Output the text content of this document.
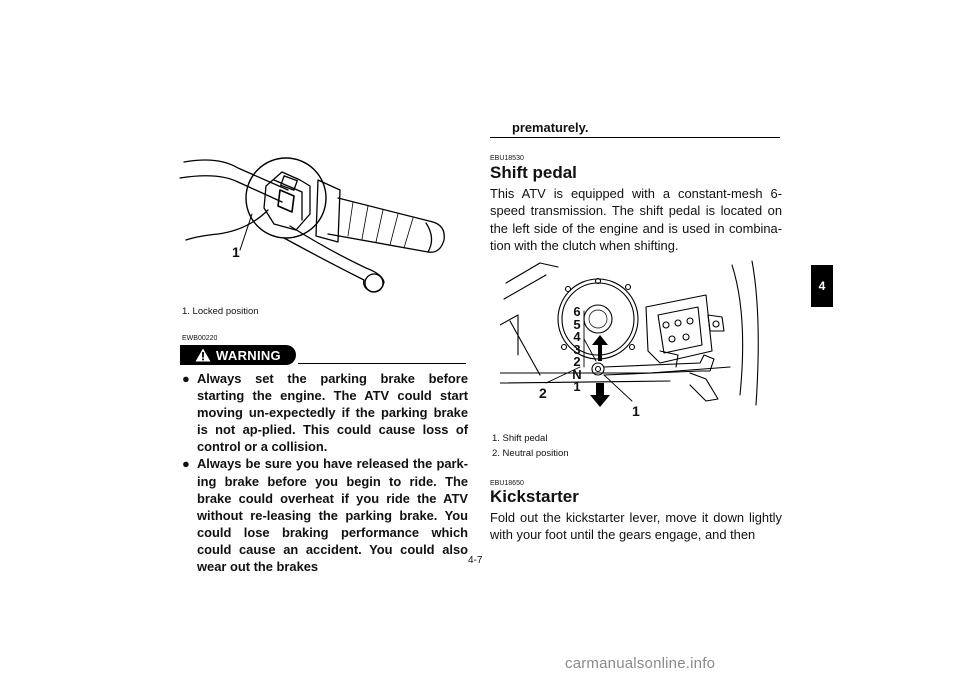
1
1. Locked position
EWB00220
WARNING
● Always set the parking brake before starting the engine. The ATV could start moving un-expectedly if the parking brake is not ap-plied. This could cause loss of control or a collision.
● Always be sure you have released the park-ing brake before you begin to ride. The brake could overheat if you ride the ATV without re-leasing the parking brake. You could lose braking performance which could cause an accident. You could also wear out the brakes
prematurely.
EBU18530
Shift pedal
This ATV is equipped with a constant-mesh 6-speed transmission. The shift pedal is located on the left side of the engine and is used in combina-tion with the clutch when shifting.
6
5
4
3
2
N
1
2
1
1. Shift pedal
2. Neutral position
EBU18650
Kickstarter
Fold out the kickstarter lever, move it down lightly with your foot until the gears engage, and then
4-7
4
carmanualsonline.info
